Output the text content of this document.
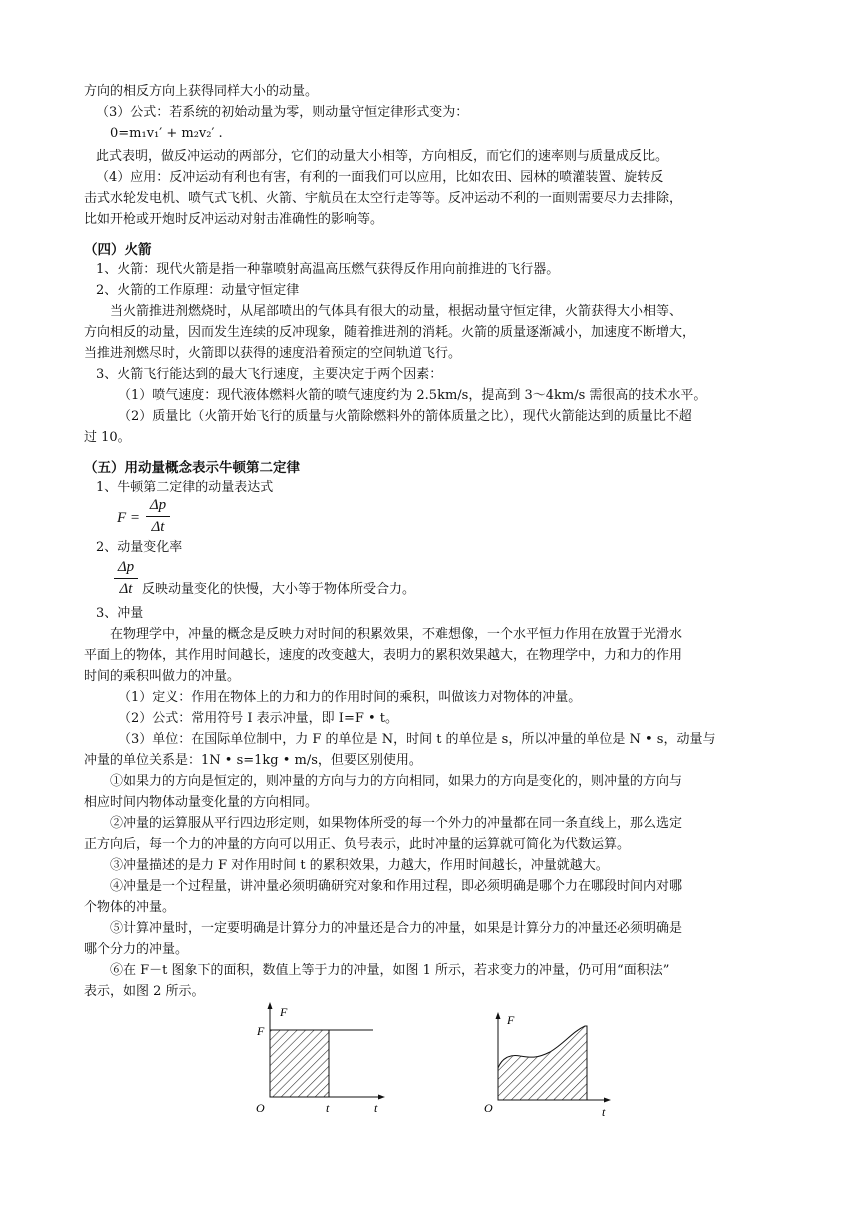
方向的相反方向上获得同样大小的动量。
（3）公式：若系统的初始动量为零，则动量守恒定律形式变为：
0=m₁v₁′ + m₂v₂′ .
此式表明，做反冲运动的两部分，它们的动量大小相等，方向相反，而它们的速率则与质量成反比。
（4）应用：反冲运动有利也有害，有利的一面我们可以应用，比如农田、园林的喷灌装置、旋转反
击式水轮发电机、喷气式飞机、火箭、宇航员在太空行走等等。反冲运动不利的一面则需要尽力去排除，
比如开枪或开炮时反冲运动对射击准确性的影响等。
（四）火箭
1、火箭：现代火箭是指一种靠喷射高温高压燃气获得反作用向前推进的飞行器。
2、火箭的工作原理：动量守恒定律
当火箭推进剂燃烧时，从尾部喷出的气体具有很大的动量，根据动量守恒定律，火箭获得大小相等、
方向相反的动量，因而发生连续的反冲现象，随着推进剂的消耗。火箭的质量逐渐减小，加速度不断增大，
当推进剂燃尽时，火箭即以获得的速度沿着预定的空间轨道飞行。
3、火箭飞行能达到的最大飞行速度，主要决定于两个因素：
（1）喷气速度：现代液体燃料火箭的喷气速度约为 2.5km/s，提高到 3～4km/s 需很高的技术水平。
（2）质量比（火箭开始飞行的质量与火箭除燃料外的箭体质量之比），现代火箭能达到的质量比不超
过 10。
（五）用动量概念表示牛顿第二定律
1、牛顿第二定律的动量表达式
F =
Δp
Δt
2、动量变化率
Δp
Δt 反映动量变化的快慢，大小等于物体所受合力。
3、冲量
在物理学中，冲量的概念是反映力对时间的积累效果，不难想像，一个水平恒力作用在放置于光滑水
平面上的物体，其作用时间越长，速度的改变越大，表明力的累积效果越大，在物理学中，力和力的作用
时间的乘积叫做力的冲量。
（1）定义：作用在物体上的力和力的作用时间的乘积，叫做该力对物体的冲量。
（2）公式：常用符号 I 表示冲量，即 I=F • t。
（3）单位：在国际单位制中，力 F 的单位是 N，时间 t 的单位是 s，所以冲量的单位是 N • s，动量与
冲量的单位关系是：1N • s=1kg • m/s，但要区别使用。
①如果力的方向是恒定的，则冲量的方向与力的方向相同，如果力的方向是变化的，则冲量的方向与
相应时间内物体动量变化量的方向相同。
②冲量的运算服从平行四边形定则，如果物体所受的每一个外力的冲量都在同一条直线上，那么选定
正方向后，每一个力的冲量的方向可以用正、负号表示，此时冲量的运算就可简化为代数运算。
③冲量描述的是力 F 对作用时间 t 的累积效果，力越大，作用时间越长，冲量就越大。
④冲量是一个过程量，讲冲量必须明确研究对象和作用过程，即必须明确是哪个力在哪段时间内对哪
个物体的冲量。
⑤计算冲量时，一定要明确是计算分力的冲量还是合力的冲量，如果是计算分力的冲量还必须明确是
哪个分力的冲量。
⑥在 F－t 图象下的面积，数值上等于力的冲量，如图 1 所示，若求变力的冲量，仍可用“面积法”
表示，如图 2 所示。
F
F
O	t	t
F
O	t
